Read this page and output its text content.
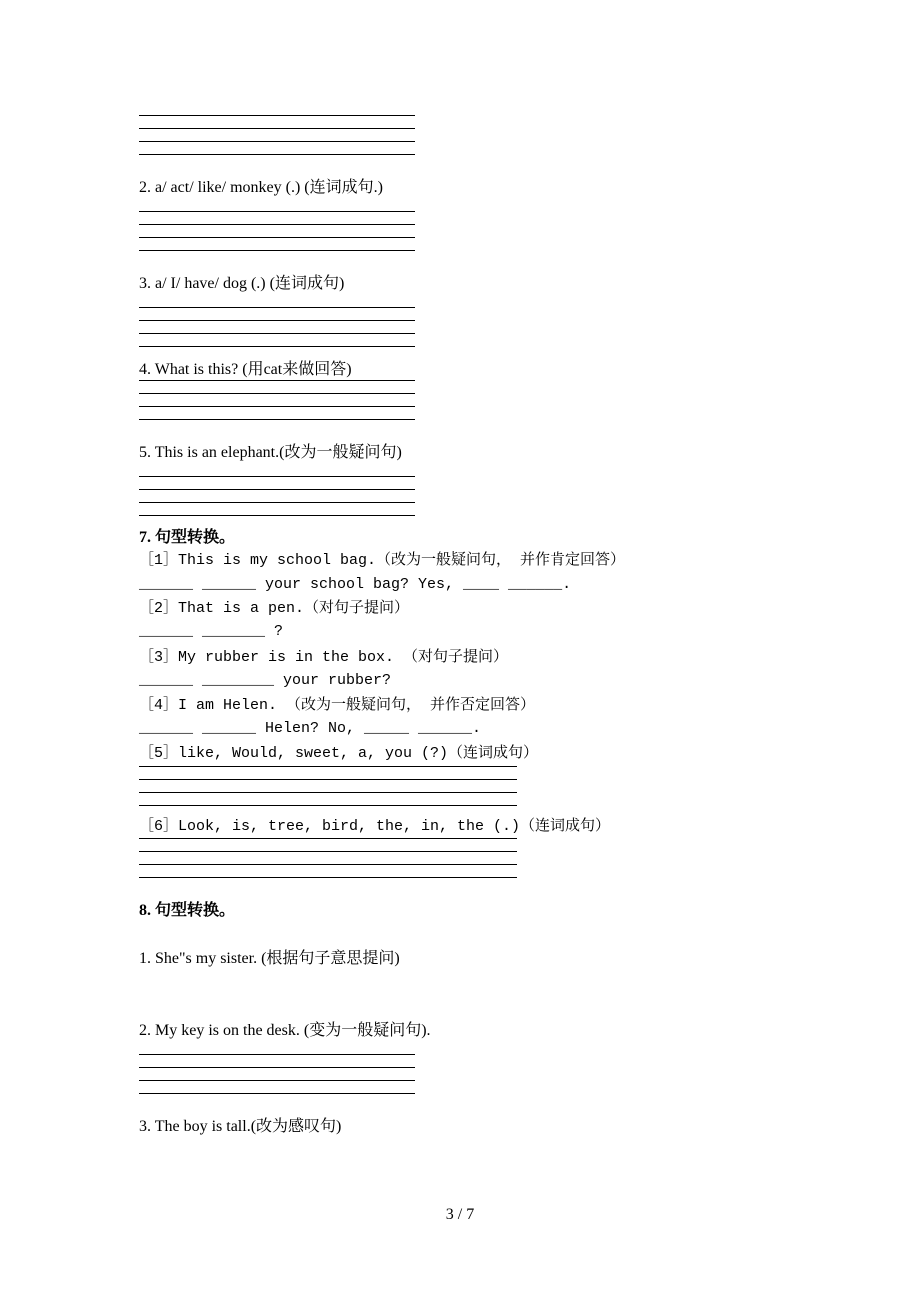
2. a/ act/ like/ monkey (.) (连词成句.)
3. a/ I/ have/ dog (.) (连词成句)
4. What is this? (用cat来做回答)
5. This is an elephant.(改为一般疑问句)
7. 句型转换。
［1］This is my school bag.（改为一般疑问句， 并作肯定回答）
______ ______ your school bag? Yes, ____ ______.
［2］That is a pen.（对句子提问）
______ _______ ?
［3］My rubber is in the box. （对句子提问）
______ ________ your rubber?
［4］I am Helen. （改为一般疑问句， 并作否定回答）
______ ______ Helen? No, _____ ______.
［5］like, Would, sweet, a, you (?)（连词成句）
［6］Look, is, tree, bird, the, in, the (.)（连词成句）
8. 句型转换。
1. She"s my sister. (根据句子意思提问)
2. My key is on the desk. (变为一般疑问句).
3. The boy is tall.(改为感叹句)
3 / 7
